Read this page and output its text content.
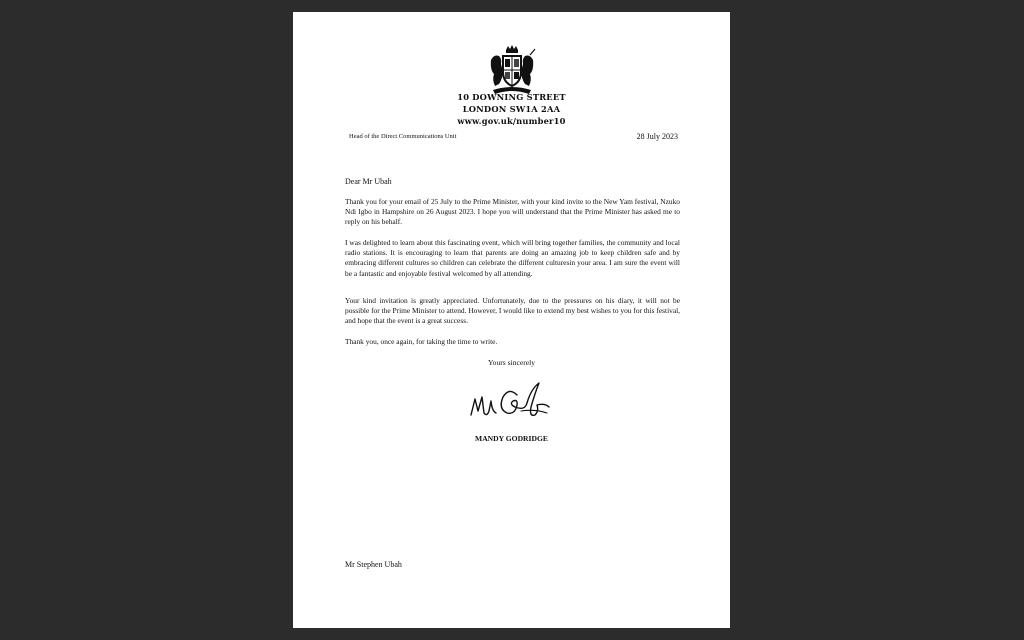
10 DOWNING STREET
LONDON SW1A 2AA
www.gov.uk/number10
Head of the Direct Communications Unit	28 July 2023
Dear Mr Ubah
Thank you for your email of 25 July to the Prime Minister, with your kind invite to the New Yam festival, Nzuko Ndi Igbo in Hampshire on 26 August 2023. I hope you will understand that the Prime Minister has asked me to reply on his behalf.
I was delighted to learn about this fascinating event, which will bring together families, the community and local radio stations. It is encouraging to learn that parents are doing an amazing job to keep children safe and by embracing different cultures so children can celebrate the different culturesin your area. I am sure the event will be a fantastic and enjoyable festival welcomed by all attending.
Your kind invitation is greatly appreciated. Unfortunately, due to the pressures on his diary, it will not be possible for the Prime Minister to attend. However, I would like to extend my best wishes to you for this festival, and hope that the event is a great success.
Thank you, once again, for taking the time to write.
Yours sincerely
MANDY GODRIDGE
Mr Stephen Ubah
